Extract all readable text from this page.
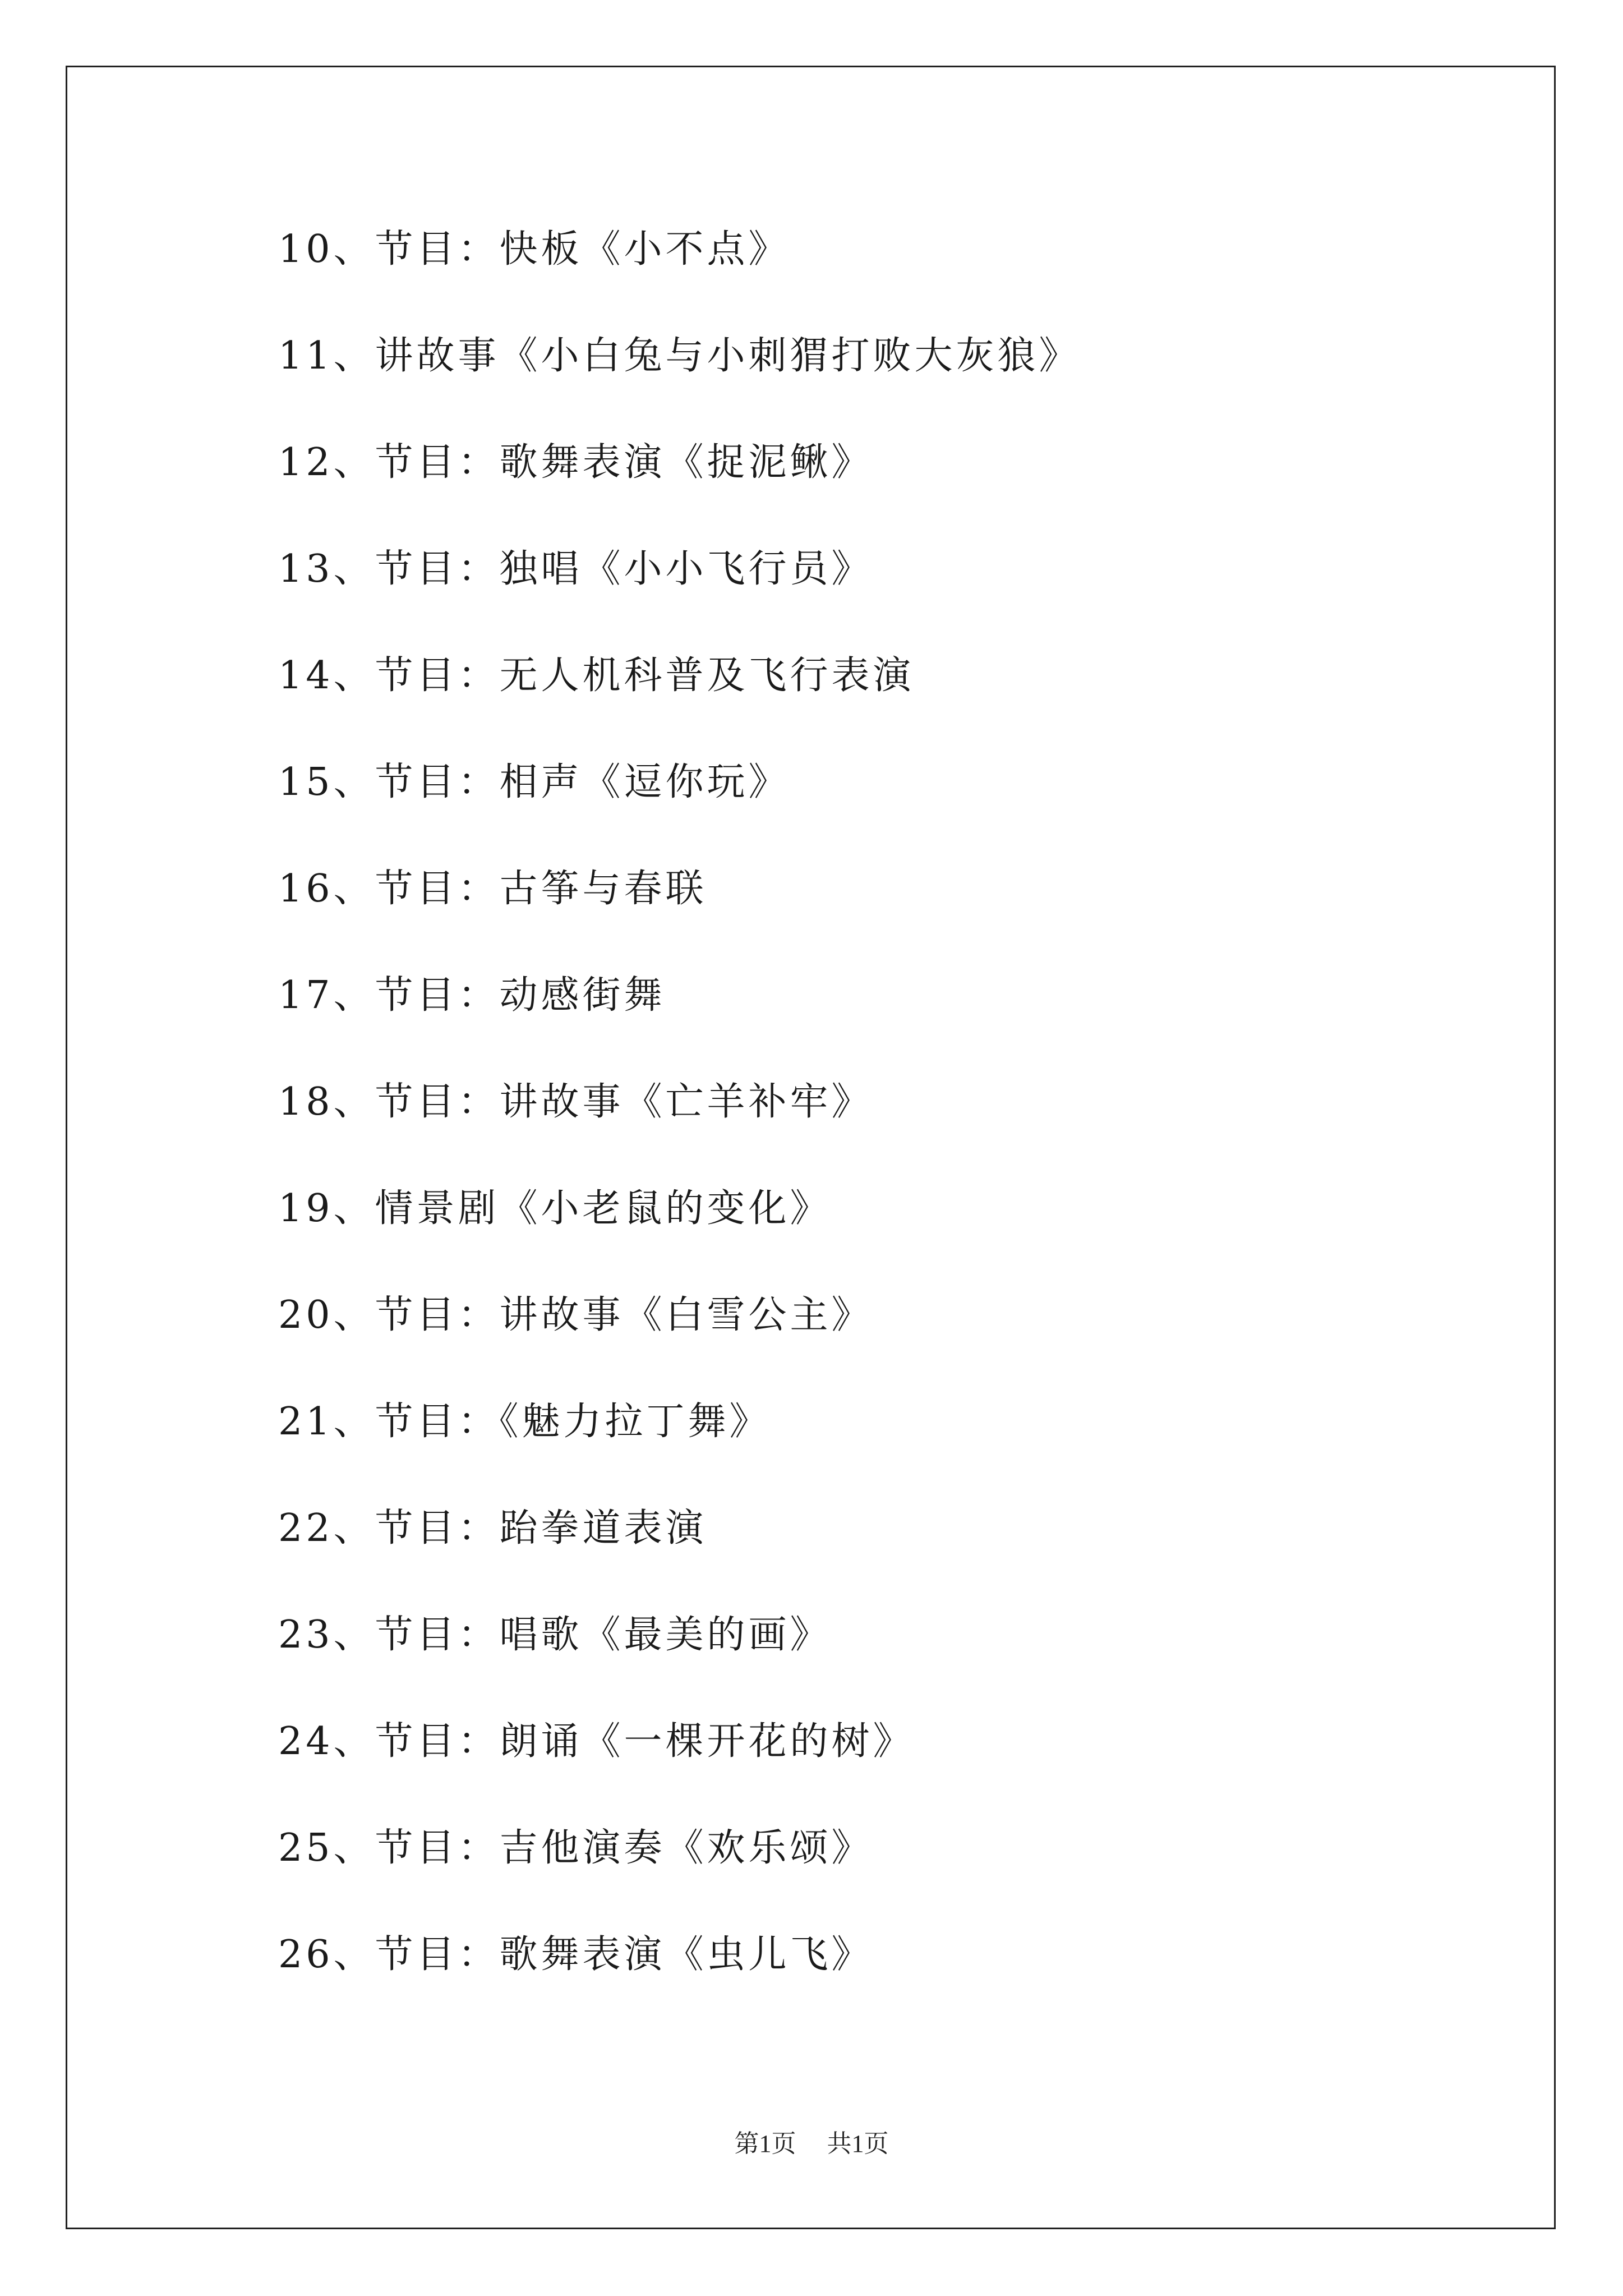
10、节目：快板《小不点》
11、讲故事《小白兔与小刺猬打败大灰狼》
12、节目：歌舞表演《捉泥鳅》
13、节目：独唱《小小飞行员》
14、节目：无人机科普及飞行表演
15、节目：相声《逗你玩》
16、节目：古筝与春联
17、节目：动感街舞
18、节目：讲故事《亡羊补牢》
19、情景剧《小老鼠的变化》
20、节目：讲故事《白雪公主》
21、节目：《魅力拉丁舞》
22、节目：跆拳道表演
23、节目：唱歌《最美的画》
24、节目：朗诵《一棵开花的树》
25、节目：吉他演奏《欢乐颂》
26、节目：歌舞表演《虫儿飞》
第1页 共1页
